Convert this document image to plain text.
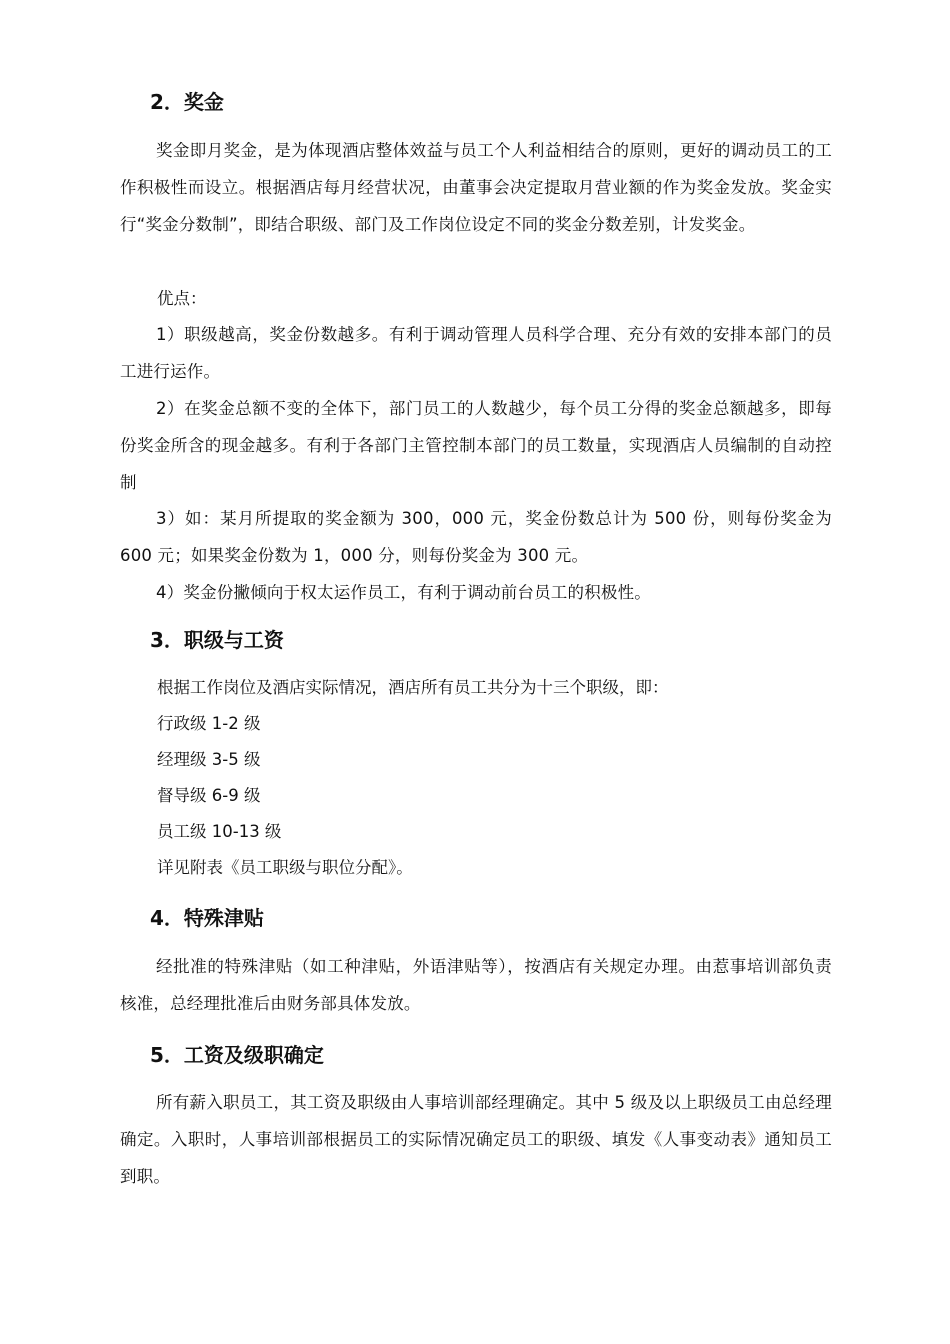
2．奖金

奖金即月奖金，是为体现酒店整体效益与员工个人利益相结合的原则，更好的调动员工的工作积极性而设立。根据酒店每月经营状况，由董事会决定提取月营业额的作为奖金发放。奖金实行“奖金分数制”，即结合职级、部门及工作岗位设定不同的奖金分数差别，计发奖金。

优点：

1）职级越高，奖金份数越多。有利于调动管理人员科学合理、充分有效的安排本部门的员工进行运作。

2）在奖金总额不变的全体下，部门员工的人数越少，每个员工分得的奖金总额越多，即每份奖金所含的现金越多。有利于各部门主管控制本部门的员工数量，实现酒店人员编制的自动控制

3）如：某月所提取的奖金额为 300，000 元，奖金份数总计为 500 份，则每份奖金为 600 元；如果奖金份数为 1，000 分，则每份奖金为 300 元。

4）奖金份撇倾向于权太运作员工，有利于调动前台员工的积极性。

3．职级与工资
根据工作岗位及酒店实际情况，酒店所有员工共分为十三个职级，即：
行政级 1-2 级
经理级 3-5 级
督导级 6-9 级
员工级 10-13 级
详见附表《员工职级与职位分配》。
4．特殊津贴

经批准的特殊津贴（如工种津贴，外语津贴等），按酒店有关规定办理。由惹事培训部负责核准，总经理批准后由财务部具体发放。

5．工资及级职确定

所有薪入职员工，其工资及职级由人事培训部经理确定。其中 5 级及以上职级员工由总经理确定。入职时，人事培训部根据员工的实际情况确定员工的职级、填发《人事变动表》通知员工到职。
